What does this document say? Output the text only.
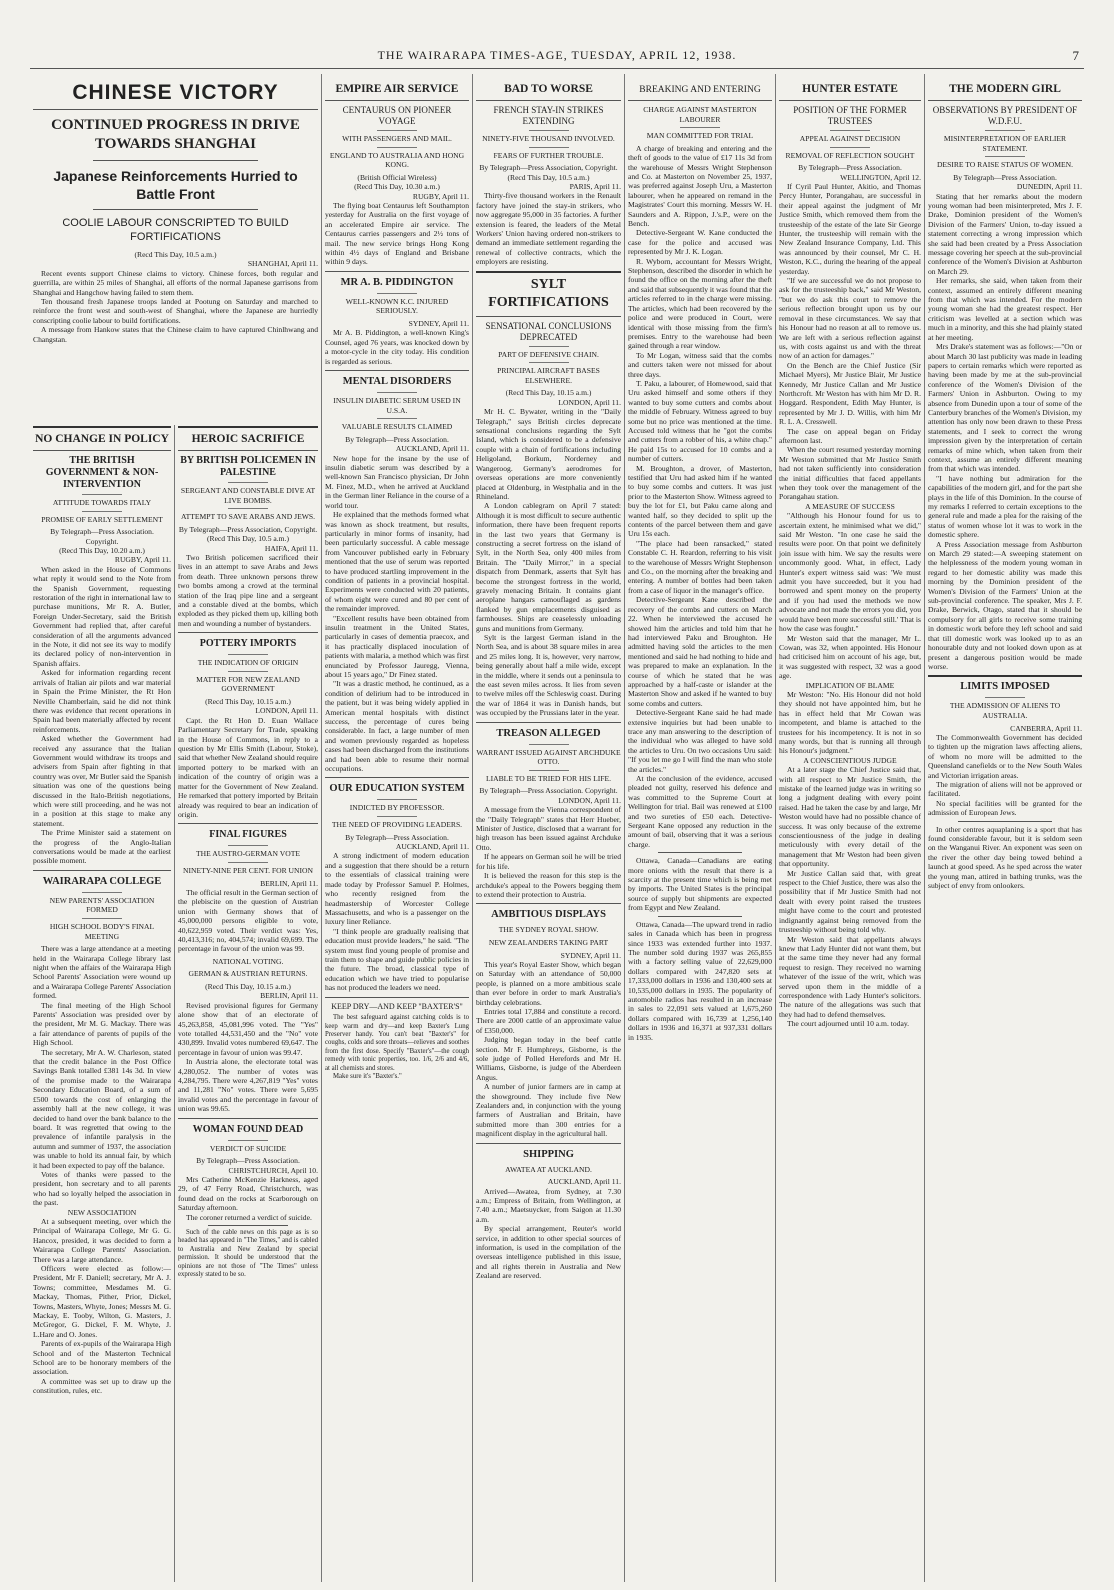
THE WAIRARAPA TIMES-AGE, TUESDAY, APRIL 12, 1938.	7
CHINESE VICTORY
CONTINUED PROGRESS IN DRIVE TOWARDS SHANGHAI
Japanese Reinforcements Hurried to Battle Front
COOLIE LABOUR CONSCRIPTED TO BUILD FORTIFICATIONS
(Recd This Day, 10.5 a.m.)
SHANGHAI, April 11.

Recent events support Chinese claims to victory. Chinese forces, both regular and guerrilla, are within 25 miles of Shanghai, all efforts of the normal Japanese garrisons from Shanghai and Hangchow having failed to stem them.

Ten thousand fresh Japanese troops landed at Pootung on Saturday and marched to reinforce the front west and south-west of Shanghai, where the Japanese are hurriedly conscripting coolie labour to build fortifications.

A message from Hankow states that the Chinese claim to have captured Chinlhwang and Changstan.

NO CHANGE IN POLICY
THE BRITISH GOVERNMENT & NON-INTERVENTION
ATTITUDE TOWARDS ITALY
PROMISE OF EARLY SETTLEMENT
By Telegraph—Press Association. Copyright.
(Recd This Day, 10.20 a.m.)
RUGBY, April 11.

When asked in the House of Commons what reply it would send to the Note from the Spanish Government, requesting restoration of the right in international law to purchase munitions, Mr R. A. Butler, Foreign Under-Secretary, said the British Government had replied that, after careful consideration of all the arguments advanced in the Note, it did not see its way to modify its declared policy of non-intervention in Spanish affairs.

Asked for information regarding recent arrivals of Italian air pilots and war material in Spain the Prime Minister, the Rt Hon Neville Chamberlain, said he did not think there was evidence that recent operations in Spain had been materially affected by recent reinforcements.

Asked whether the Government had received any assurance that the Italian Government would withdraw its troops and advisers from Spain after fighting in that country was over, Mr Butler said the Spanish situation was one of the questions being discussed in the Italo-British negotiations, which were still proceeding, and he was not in a position at this stage to make any statement.

The Prime Minister said a statement on the progress of the Anglo-Italian conversations would be made at the earliest possible moment.

WAIRARAPA COLLEGE
NEW PARENTS' ASSOCIATION FORMED
HIGH SCHOOL BODY'S FINAL MEETING

There was a large attendance at a meeting held in the Wairarapa College library last night when the affairs of the Wairarapa High School Parents' Association were wound up and a Wairarapa College Parents' Association formed.

The final meeting of the High School Parents' Association was presided over by the president, Mr M. G. Mackay. There was a fair attendance of parents of pupils of the High School.

The secretary, Mr A. W. Charleson, stated that the credit balance in the Post Office Savings Bank totalled £381 14s 3d. In view of the promise made to the Wairarapa Secondary Education Board, of a sum of £500 towards the cost of enlarging the assembly hall at the new college, it was decided to hand over the bank balance to the board. It was regretted that owing to the prevalence of infantile paralysis in the autumn and summer of 1937, the association was unable to hold its annual fair, by which it had been expected to pay off the balance.

Votes of thanks were passed to the president, hon secretary and to all parents who had so loyally helped the association in the past.

NEW ASSOCIATION

At a subsequent meeting, over which the Principal of Wairarapa College, Mr G. G. Hancox, presided, it was decided to form a Wairarapa College Parents' Association. There was a large attendance.

Officers were elected as follow:—President, Mr F. Daniell; secretary, Mr A. J. Towns; committee, Mesdames M. G. Mackay, Thomas, Pither, Prior, Dickel, Towns, Masters, Whyte, Jones; Messrs M. G. Mackay, E. Tooby, Wilton, G. Masters, J. McGregor, G. Dickel, F. M. Whyte, J. L.Hare and O. Jones.

Parents of ex-pupils of the Wairarapa High School and of the Masterton Technical School are to be honorary members of the association.

A committee was set up to draw up the constitution, rules, etc.

HEROIC SACRIFICE
BY BRITISH POLICEMEN IN PALESTINE
SERGEANT AND CONSTABLE DIVE AT LIVE BOMBS.
ATTEMPT TO SAVE ARABS AND JEWS.
By Telegraph—Press Association, Copyright.
(Recd This Day, 10.5 a.m.)
HAIFA, April 11.

Two British policemen sacrificed their lives in an attempt to save Arabs and Jews from death. Three unknown persons threw two bombs among a crowd at the terminal station of the Iraq pipe line and a sergeant and a constable dived at the bombs, which exploded as they picked them up, killing both men and wounding a number of bystanders.

POTTERY IMPORTS
THE INDICATION OF ORIGIN
MATTER FOR NEW ZEALAND GOVERNMENT
(Recd This Day, 10.15 a.m.)
LONDON, April 11.

Capt. the Rt Hon D. Euan Wallace Parliamentary Secretary for Trade, speaking in the House of Commons, in reply to a question by Mr Ellis Smith (Labour, Stoke), said that whether New Zealand should require imported pottery to be marked with an indication of the country of origin was a matter for the Government of New Zealand. He remarked that pottery imported by Britain already was required to bear an indication of origin.

FINAL FIGURES
THE AUSTRO-GERMAN VOTE
NINETY-NINE PER CENT. FOR UNION
BERLIN, April 11.

The official result in the German section of the plebiscite on the question of Austrian union with Germany shows that of 45,000,000 persons eligible to vote, 40,622,959 voted. Their verdict was: Yes, 40,413,316; no, 404,574; invalid 69,699. The percentage in favour of the union was 99.

NATIONAL VOTING.
GERMAN & AUSTRIAN RETURNS.
(Recd This Day, 10.15 a.m.)
BERLIN, April 11.

Revised provisional figures for Germany alone show that of an electorate of 45,263,858, 45,081,996 voted. The "Yes" vote totalled 44,531,450 and the "No" vote 430,899. Invalid votes numbered 69,647. The percentage in favour of union was 99.47.

In Austria alone, the electorate total was 4,280,052. The number of votes was 4,284,795. There were 4,267,819 "Yes" votes and 11,281 "No" votes. There were 5,695 invalid votes and the percentage in favour of union was 99.65.

WOMAN FOUND DEAD
VERDICT OF SUICIDE
By Telegraph—Press Association.
CHRISTCHURCH, April 10.

Mrs Catherine McKenzie Harkness, aged 29, of 47 Ferry Road, Christchurch, was found dead on the rocks at Scarborough on Saturday afternoon.

The coroner returned a verdict of suicide.

Such of the cable news on this page as is so headed has appeared in "The Times," and is cabled to Australia and New Zealand by special permission. It should be understood that the opinions are not those of "The Times" unless expressly stated to be so.

EMPIRE AIR SERVICE
CENTAURUS ON PIONEER VOYAGE
WITH PASSENGERS AND MAIL.
ENGLAND TO AUSTRALIA AND HONG KONG.
(British Official Wireless)
(Recd This Day, 10.30 a.m.)
RUGBY, April 11.

The flying boat Centaurus left Southampton yesterday for Australia on the first voyage of an accelerated Empire air service. The Centaurus carries passengers and 2½ tons of mail. The new service brings Hong Kong within 4½ days of England and Brisbane within 9 days.

MR A. B. PIDDINGTON
WELL-KNOWN K.C. INJURED SERIOUSLY.
SYDNEY, April 11.

Mr A. B. Piddington, a well-known King's Counsel, aged 76 years, was knocked down by a motor-cycle in the city today. His condition is regarded as serious.

MENTAL DISORDERS
INSULIN DIABETIC SERUM USED IN U.S.A.
VALUABLE RESULTS CLAIMED
By Telegraph—Press Association.
AUCKLAND, April 11.

New hope for the insane by the use of insulin diabetic serum was described by a well-known San Francisco physician, Dr John M. Finez, M.D., when he arrived at Auckland in the German liner Reliance in the course of a world tour.

He explained that the methods formed what was known as shock treatment, but results, particularly in minor forms of insanity, had been particularly successful. A cable message from Vancouver published early in February mentioned that the use of serum was reported to have produced startling improvement in the condition of patients in a provincial hospital. Experiments were conducted with 20 patients, of whom eight were cured and 80 per cent of the remainder improved.

"Excellent results have been obtained from insulin treatment in the United States, particularly in cases of dementia praecox, and it has practically displaced inoculation of patients with malaria, a method which was first enunciated by Professor Jauregg, Vienna, about 15 years ago," Dr Finez stated.

"It was a drastic method, he continued, as a condition of delirium had to be introduced in the patient, but it was being widely applied in American mental hospitals with distinct success, the percentage of cures being considerable. In fact, a large number of men and women previously regarded as hopeless cases had been discharged from the institutions and had been able to resume their normal occupations.

OUR EDUCATION SYSTEM
INDICTED BY PROFESSOR.
THE NEED OF PROVIDING LEADERS.
By Telegraph—Press Association.
AUCKLAND, April 11.

A strong indictment of modern education and a suggestion that there should be a return to the essentials of classical training were made today by Professor Samuel P. Holmes, who recently resigned from the headmastership of Worcester College Massachusetts, and who is a passenger on the luxury liner Reliance.

"I think people are gradually realising that education must provide leaders," he said. "The system must find young people of promise and train them to shape and guide public policies in the future. The broad, classical type of education which we have tried to popularise has not produced the leaders we need.

KEEP DRY—AND KEEP "BAXTER'S"

The best safeguard against catching colds is to keep warm and dry—and keep Baxter's Lung Preserver handy. You can't beat "Baxter's" for coughs, colds and sore throats—relieves and soothes from the first dose. Specify "Baxter's"—the cough remedy with tonic properties, too. 1/6, 2/6 and 4/6, at all chemists and stores.

Make sure it's "Baxter's."

BAD TO WORSE
FRENCH STAY-IN STRIKES EXTENDING
NINETY-FIVE THOUSAND INVOLVED.
FEARS OF FURTHER TROUBLE.
By Telegraph—Press Association, Copyright.
(Recd This Day, 10.5 a.m.)
PARIS, April 11.

Thirty-five thousand workers in the Renault factory have joined the stay-in strikers, who now aggregate 95,000 in 35 factories. A further extension is feared, the leaders of the Metal Workers' Union having ordered non-strikers to demand an immediate settlement regarding the renewal of collective contracts, which the employers are resisting.

SYLT FORTIFICATIONS
SENSATIONAL CONCLUSIONS DEPRECATED
PART OF DEFENSIVE CHAIN.
PRINCIPAL AIRCRAFT BASES ELSEWHERE.
(Recd This Day, 10.15 a.m.)
LONDON, April 11.

Mr H. C. Bywater, writing in the "Daily Telegraph," says British circles deprecate sensational conclusions regarding the Sylt Island, which is considered to be a defensive couple with a chain of fortifications including Heligoland, Borkum, Norderney and Wangeroog. Germany's aerodromes for overseas operations are more conveniently placed at Oldenburg, in Westphalia and in the Rhineland.

A London cablegram on April 7 stated: Although it is most difficult to secure authentic information, there have been frequent reports in the last two years that Germany is constructing a secret fortress on the island of Sylt, in the North Sea, only 400 miles from Britain. The "Daily Mirror," in a special dispatch from Denmark, asserts that Sylt has become the strongest fortress in the world, gravely menacing Britain. It contains giant aeroplane hangars camouflaged as gardens flanked by gun emplacements disguised as farmhouses. Ships are ceaselessly unloading guns and munitions from Germany.

Sylt is the largest German island in the North Sea, and is about 38 square miles in area and 25 miles long. It is, however, very narrow, being generally about half a mile wide, except in the middle, where it sends out a peninsula to the east seven miles across. It lies from seven to twelve miles off the Schleswig coast. During the war of 1864 it was in Danish hands, but was occupied by the Prussians later in the year.

TREASON ALLEGED
WARRANT ISSUED AGAINST ARCHDUKE OTTO.
LIABLE TO BE TRIED FOR HIS LIFE.
By Telegraph—Press Association. Copyright.
LONDON, April 11.

A message from the Vienna correspondent of the "Daily Telegraph" states that Herr Hueber, Minister of Justice, disclosed that a warrant for high treason has been issued against Archduke Otto.

If he appears on German soil he will be tried for his life.

It is believed the reason for this step is the archduke's appeal to the Powers begging them to extend their protection to Austria.

AMBITIOUS DISPLAYS
THE SYDNEY ROYAL SHOW.
NEW ZEALANDERS TAKING PART
SYDNEY, April 11.

This year's Royal Easter Show, which began on Saturday with an attendance of 50,000 people, is planned on a more ambitious scale than ever before in order to mark Australia's birthday celebrations.

Entries total 17,884 and constitute a record. There are 2000 cattle of an approximate value of £350,000.

Judging began today in the beef cattle section. Mr F. Humphreys, Gisborne, is the sole judge of Polled Herefords and Mr H. Williams, Gisborne, is judge of the Aberdeen Angus.

A number of junior farmers are in camp at the showground. They include five New Zealanders and, in conjunction with the young farmers of Australian and Britain, have submitted more than 300 entries for a magnificent display in the agricultural hall.

SHIPPING
AWATEA AT AUCKLAND.
AUCKLAND, April 11.

Arrived—Awatea, from Sydney, at 7.30 a.m.; Empress of Britain, from Wellington, at 7.40 a.m.; Maetsuycker, from Saigon at 11.30 a.m.

By special arrangement, Reuter's world service, in addition to other special sources of information, is used in the compilation of the overseas intelligence published in this issue, and all rights therein in Australia and New Zealand are reserved.

BREAKING AND ENTERING
CHARGE AGAINST MASTERTON LABOURER
MAN COMMITTED FOR TRIAL

A charge of breaking and entering and the theft of goods to the value of £17 11s 3d from the warehouse of Messrs Wright Stephenson and Co. at Masterton on November 25, 1937, was preferred against Joseph Uru, a Masterton labourer, when he appeared on remand in the Magistrates' Court this morning. Messrs W. H. Saunders and A. Rippon, J.'s.P., were on the Bench.

Detective-Sergeant W. Kane conducted the case for the police and accused was represented by Mr J. K. Logan.

R. Wyborn, accountant for Messrs Wright, Stephenson, described the disorder in which he found the office on the morning after the theft and said that subsequently it was found that the articles referred to in the charge were missing. The articles, which had been recovered by the police and were produced in Court, were identical with those missing from the firm's premises. Entry to the warehouse had been gained through a rear window.

To Mr Logan, witness said that the combs and cutters taken were not missed for about three days.

T. Paku, a labourer, of Homewood, said that Uru asked himself and some others if they wanted to buy some cutters and combs about the middle of February. Witness agreed to buy some but no price was mentioned at the time. Accused told witness that he "got the combs and cutters from a robber of his, a white chap." He paid 15s to accused for 10 combs and a number of cutters.

M. Broughton, a drover, of Masterton, testified that Uru had asked him if he wanted to buy some combs and cutters. It was just prior to the Masterton Show. Witness agreed to buy the lot for £1, but Paku came along and wanted half, so they decided to split up the contents of the parcel between them and gave Uru 15s each.

"The place had been ransacked," stated Constable C. H. Reardon, referring to his visit to the warehouse of Messrs Wright Stephenson and Co., on the morning after the breaking and entering. A number of bottles had been taken from a case of liquor in the manager's office.

Detective-Sergeant Kane described the recovery of the combs and cutters on March 22. When he interviewed the accused he showed him the articles and told him that he had interviewed Paku and Broughton. He admitted having sold the articles to the men mentioned and said he had nothing to hide and was prepared to make an explanation. In the course of which he stated that he was approached by a half-caste or islander at the Masterton Show and asked if he wanted to buy some combs and cutters.

Detective-Sergeant Kane said he had made extensive inquiries but had been unable to trace any man answering to the description of the individual who was alleged to have sold the articles to Uru. On two occasions Uru said: "If you let me go I will find the man who stole the articles."

At the conclusion of the evidence, accused pleaded not guilty, reserved his defence and was committed to the Supreme Court at Wellington for trial. Bail was renewed at £100 and two sureties of £50 each. Detective-Sergeant Kane opposed any reduction in the amount of bail, observing that it was a serious charge.

Ottawa, Canada—Canadians are eating more onions with the result that there is a scarcity at the present time which is being met by imports. The United States is the principal source of supply but shipments are expected from Egypt and New Zealand.

Ottawa, Canada—The upward trend in radio sales in Canada which has been in progress since 1933 was extended further into 1937. The number sold during 1937 was 265,855 with a factory selling value of 22,629,000 dollars compared with 247,820 sets at 17,333,000 dollars in 1936 and 130,400 sets at 10,535,000 dollars in 1935. The popularity of automobile radios has resulted in an increase in sales to 22,091 sets valued at 1,675,260 dollars compared with 16,739 at 1,256,140 dollars in 1936 and 16,371 at 937,331 dollars in 1935.

HUNTER ESTATE
POSITION OF THE FORMER TRUSTEES
APPEAL AGAINST DECISION
REMOVAL OF REFLECTION SOUGHT
By Telegraph—Press Association.
WELLINGTON, April 12.

If Cyril Paul Hunter, Akitio, and Thomas Percy Hunter, Porangahau, are successful in their appeal against the judgment of Mr Justice Smith, which removed them from the trusteeship of the estate of the late Sir George Hunter, the trusteeship will remain with the New Zealand Insurance Company, Ltd. This was announced by their counsel, Mr C. H. Weston, K.C., during the hearing of the appeal yesterday.

"If we are successful we do not propose to ask for the trusteeship back," said Mr Weston, "but we do ask this court to remove the serious reflection brought upon us by our removal in these circumstances. We say that his Honour had no reason at all to remove us. We are left with a serious reflection against us, with costs against us and with the threat now of an action for damages."

On the Bench are the Chief Justice (Sir Michael Myers), Mr Justice Blair, Mr Justice Kennedy, Mr Justice Callan and Mr Justice Northcroft. Mr Weston has with him Mr D. R. Hoggard. Respondent, Edith May Hunter, is represented by Mr J. D. Willis, with him Mr R. L. A. Cresswell.

The case on appeal began on Friday afternoon last.

When the court resumed yesterday morning Mr Weston submitted that Mr Justice Smith had not taken sufficiently into consideration the initial difficulties that faced appellants when they took over the management of the Porangahau station.

A MEASURE OF SUCCESS

"Although his Honour found for us to ascertain extent, he minimised what we did," said Mr Weston. "In one case he said the results were poor. On that point we definitely join issue with him. We say the results were uncommonly good. What, in effect, Lady Hunter's expert witness said was: 'We must admit you have succeeded, but it you had borrowed and spent money on the property and if you had used the methods we now advocate and not made the errors you did, you would have been more successful still.' That is how the case was fought."

Mr Weston said that the manager, Mr L. Cowan, was 32, when appointed. His Honour had criticised him on account of his age, but, it was suggested with respect, 32 was a good age.

IMPLICATION OF BLAME

Mr Weston: "No. His Honour did not hold they should not have appointed him, but he has in effect held that Mr Cowan was incompetent, and blame is attached to the trustees for his incompetency. It is not in so many words, but that is running all through his Honour's judgment."

A CONSCIENTIOUS JUDGE

At a later stage the Chief Justice said that, with all respect to Mr Justice Smith, the mistake of the learned judge was in writing so long a judgment dealing with every point raised. Had he taken the case by and large, Mr Weston would have had no possible chance of success. It was only because of the extreme conscientiousness of the judge in dealing meticulously with every detail of the management that Mr Weston had been given that opportunity.

Mr Justice Callan said that, with great respect to the Chief Justice, there was also the possibility that if Mr Justice Smith had not dealt with every point raised the trustees might have come to the court and protested indignantly against being removed from the trusteeship without being told why.

Mr Weston said that appellants always knew that Lady Hunter did not want them, but at the same time they never had any formal request to resign. They received no warning whatever of the issue of the writ, which was served upon them in the middle of a correspondence with Lady Hunter's solicitors. The nature of the allegations was such that they had had to defend themselves.

The court adjourned until 10 a.m. today.

THE MODERN GIRL
OBSERVATIONS BY PRESIDENT OF W.D.F.U.
MISINTERPRETATION OF EARLIER STATEMENT.
DESIRE TO RAISE STATUS OF WOMEN.
By Telegraph—Press Association.
DUNEDIN, April 11.

Stating that her remarks about the modern young woman had been misinterpreted, Mrs J. F. Drake, Dominion president of the Women's Division of the Farmers' Union, to-day issued a statement correcting a wrong impression which she said had been created by a Press Association message covering her speech at the sub-provincial conference of the Women's Division at Ashburton on March 29.

Her remarks, she said, when taken from their context, assumed an entirely different meaning from that which was intended. For the modern young woman she had the greatest respect. Her criticism was levelled at a section which was much in a minority, and this she had plainly stated at her meeting.

Mrs Drake's statement was as follows:—"On or about March 30 last publicity was made in leading papers to certain remarks which were reported as having been made by me at the sub-provincial conference of the Women's Division of the Farmers' Union in Ashburton. Owing to my absence from Dunedin upon a tour of some of the Canterbury branches of the Women's Division, my attention has only now been drawn to these Press statements, and I seek to correct the wrong impression given by the interpretation of certain remarks of mine which, when taken from their context, assume an entirely different meaning from that which was intended.

"I have nothing but admiration for the capabilities of the modern girl, and for the part she plays in the life of this Dominion. In the course of my remarks I referred to certain exceptions to the general rule and made a plea for the raising of the status of women whose lot it was to work in the domestic sphere.

A Press Association message from Ashburton on March 29 stated:—A sweeping statement on the helplessness of the modern young woman in regard to her domestic ability was made this morning by the Dominion president of the Women's Division of the Farmers' Union at the sub-provincial conference. The speaker, Mrs J. F. Drake, Berwick, Otago, stated that it should be compulsory for all girls to receive some training in domestic work before they left school and said that till domestic work was looked up to as an honourable duty and not looked down upon as at present a dangerous position would be made worse.

LIMITS IMPOSED
THE ADMISSION OF ALIENS TO AUSTRALIA.
CANBERRA, April 11.

The Commonwealth Government has decided to tighten up the migration laws affecting aliens, of whom no more will be admitted to the Queensland canefields or to the New South Wales and Victorian irrigation areas.

The migration of aliens will not be approved or facilitated.

No special facilities will be granted for the admission of European Jews.

In other centres aquaplaning is a sport that has found considerable favour, but it is seldom seen on the Wanganui River. An exponent was seen on the river the other day being towed behind a launch at good speed. As he sped across the water the young man, attired in bathing trunks, was the subject of envy from onlookers.
